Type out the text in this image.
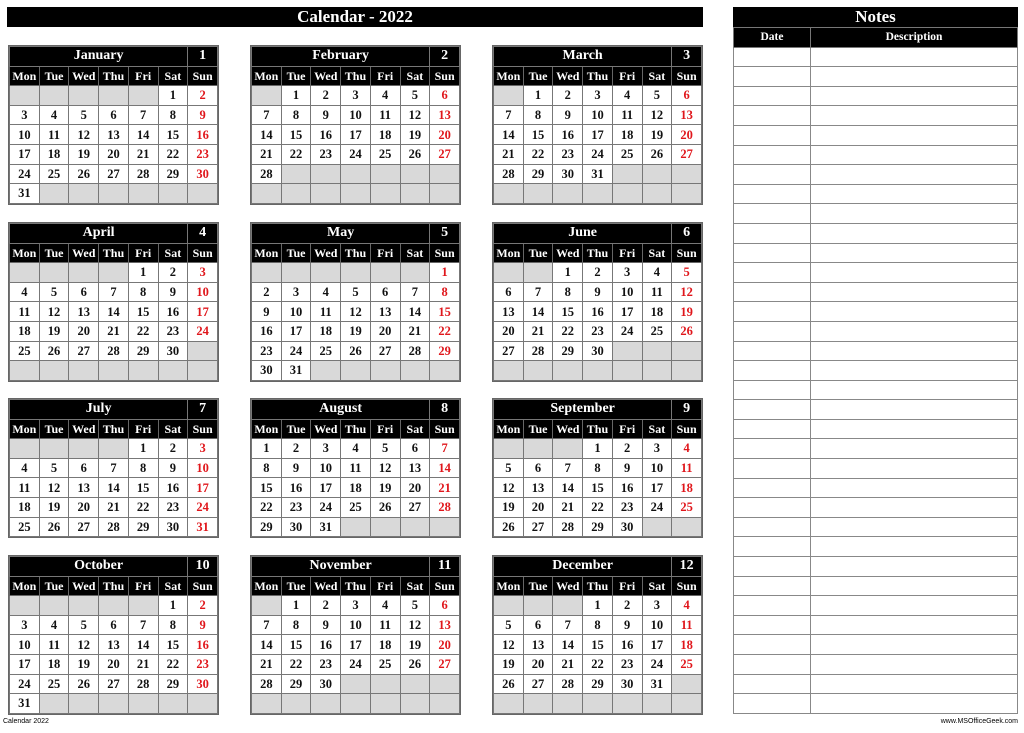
Calendar - 2022
January						1
Mon	Tue	Wed	Thu	Fri	Sat	Sun
					1	2
3	4	5	6	7	8	9
10	11	12	13	14	15	16
17	18	19	20	21	22	23
24	25	26	27	28	29	30
31						
February						2
Mon	Tue	Wed	Thu	Fri	Sat	Sun
	1	2	3	4	5	6
7	8	9	10	11	12	13
14	15	16	17	18	19	20
21	22	23	24	25	26	27
28						

March						3
Mon	Tue	Wed	Thu	Fri	Sat	Sun
	1	2	3	4	5	6
7	8	9	10	11	12	13
14	15	16	17	18	19	20
21	22	23	24	25	26	27
28	29	30	31			

April						4
Mon	Tue	Wed	Thu	Fri	Sat	Sun
				1	2	3
4	5	6	7	8	9	10
11	12	13	14	15	16	17
18	19	20	21	22	23	24
25	26	27	28	29	30	

May						5
Mon	Tue	Wed	Thu	Fri	Sat	Sun
						1
2	3	4	5	6	7	8
9	10	11	12	13	14	15
16	17	18	19	20	21	22
23	24	25	26	27	28	29
30	31					
June						6
Mon	Tue	Wed	Thu	Fri	Sat	Sun
		1	2	3	4	5
6	7	8	9	10	11	12
13	14	15	16	17	18	19
20	21	22	23	24	25	26
27	28	29	30			

July						7
Mon	Tue	Wed	Thu	Fri	Sat	Sun
				1	2	3
4	5	6	7	8	9	10
11	12	13	14	15	16	17
18	19	20	21	22	23	24
25	26	27	28	29	30	31
August						8
Mon	Tue	Wed	Thu	Fri	Sat	Sun
1	2	3	4	5	6	7
8	9	10	11	12	13	14
15	16	17	18	19	20	21
22	23	24	25	26	27	28
29	30	31				
September						9
Mon	Tue	Wed	Thu	Fri	Sat	Sun
			1	2	3	4
5	6	7	8	9	10	11
12	13	14	15	16	17	18
19	20	21	22	23	24	25
26	27	28	29	30		
October						10
Mon	Tue	Wed	Thu	Fri	Sat	Sun
					1	2
3	4	5	6	7	8	9
10	11	12	13	14	15	16
17	18	19	20	21	22	23
24	25	26	27	28	29	30
31						
November						11
Mon	Tue	Wed	Thu	Fri	Sat	Sun
	1	2	3	4	5	6
7	8	9	10	11	12	13
14	15	16	17	18	19	20
21	22	23	24	25	26	27
28	29	30				

December						12
Mon	Tue	Wed	Thu	Fri	Sat	Sun
			1	2	3	4
5	6	7	8	9	10	11
12	13	14	15	16	17	18
19	20	21	22	23	24	25
26	27	28	29	30	31	

Notes
Date	Description

Calendar 2022	www.MSOfficeGeek.com
